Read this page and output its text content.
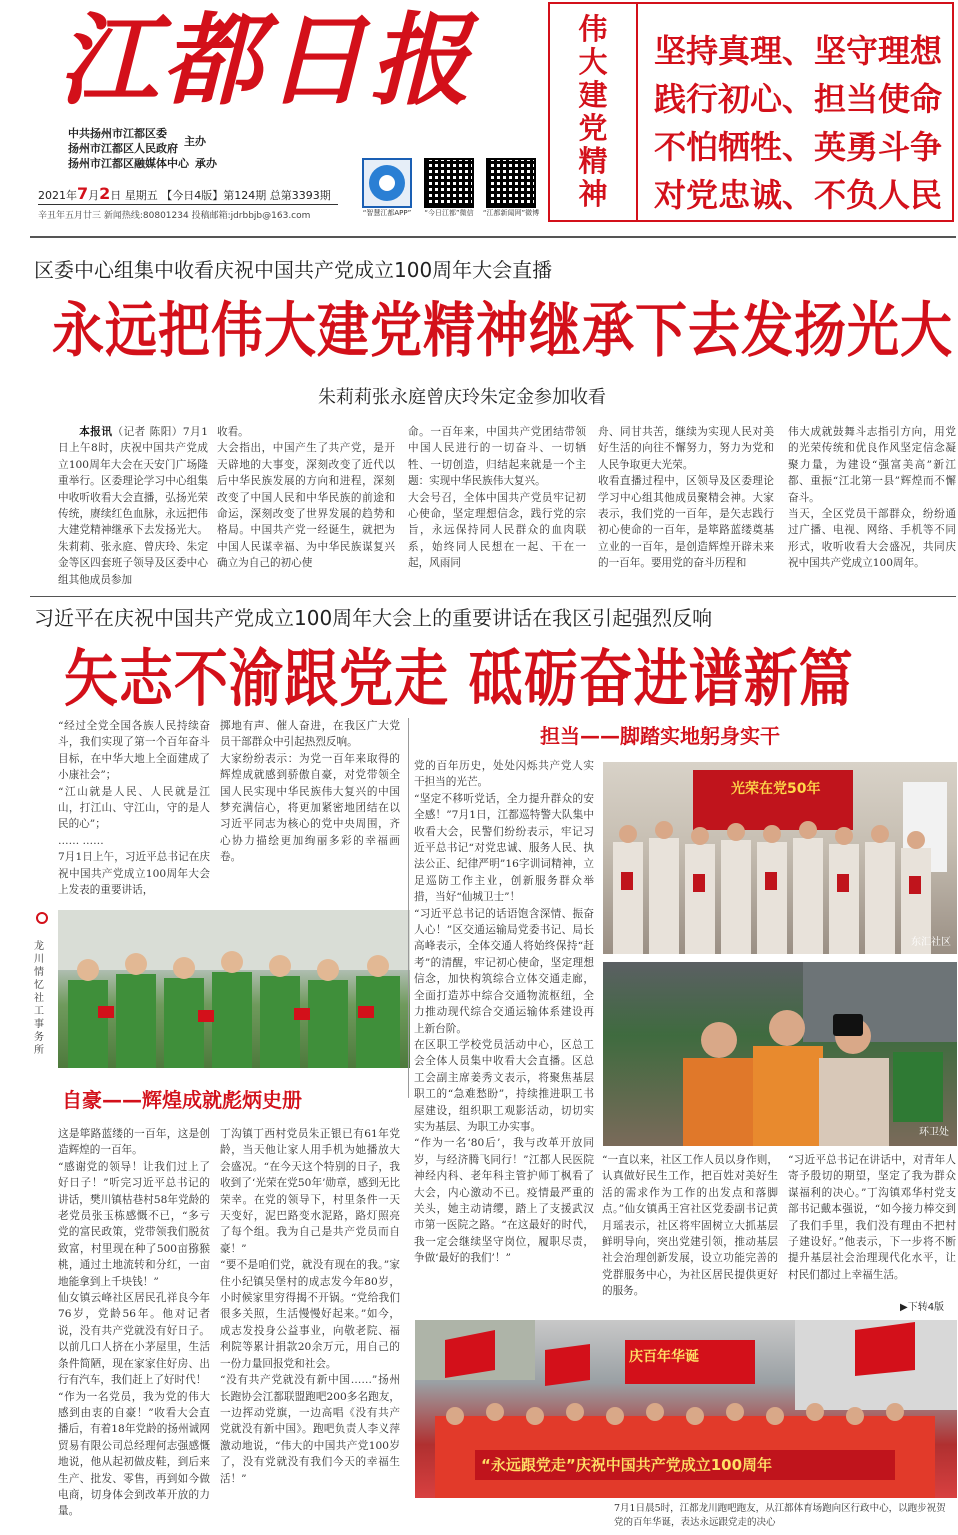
江都日报
中共扬州市江都区委
扬州市江都区人民政府
主办
扬州市江都区融媒体中心 承办
2021年7月2日 星期五 【今日4版】第124期 总第3393期
辛丑年五月廿三 新闻热线:80801234 投稿邮箱:jdrbbjb@163.com	“智慧江都APP”	“今日江都”微信	“江都新闻网”微博
伟
大
建
党
精
神
坚持真理、坚守理想
践行初心、担当使命
不怕牺牲、英勇斗争
对党忠诚、不负人民
区委中心组集中收看庆祝中国共产党成立100周年大会直播
永远把伟大建党精神继承下去发扬光大
朱莉莉张永庭曾庆玲朱定金参加收看

本报讯（记者 陈阳）7月1日上午8时，庆祝中国共产党成立100周年大会在天安门广场隆重举行。区委理论学习中心组集中收听收看大会直播，弘扬光荣传统，赓续红色血脉，永远把伟大建党精神继承下去发扬光大。朱莉莉、张永庭、曾庆玲、朱定金等区四套班子领导及区委中心组其他成员参加

收看。
大会指出，中国产生了共产党，是开天辟地的大事变，深刻改变了近代以后中华民族发展的方向和进程，深刻改变了中国人民和中华民族的前途和命运，深刻改变了世界发展的趋势和格局。中国共产党一经诞生，就把为中国人民谋幸福、为中华民族谋复兴确立为自己的初心使
命。一百年来，中国共产党团结带领中国人民进行的一切奋斗、一切牺牲、一切创造，归结起来就是一个主题：实现中华民族伟大复兴。
大会号召，全体中国共产党员牢记初心使命，坚定理想信念，践行党的宗旨，永远保持同人民群众的血肉联系，始终同人民想在一起、干在一起，风雨同
舟、同甘共苦，继续为实现人民对美好生活的向往不懈努力，努力为党和人民争取更大光荣。
收看直播过程中，区领导及区委理论学习中心组其他成员聚精会神。大家表示，我们党的一百年，是矢志践行初心使命的一百年，是筚路蓝缕奠基立业的一百年，是创造辉煌开辟未来的一百年。要用党的奋斗历程和
伟大成就鼓舞斗志指引方向，用党的光荣传统和优良作风坚定信念凝聚力量，为建设“强富美高”新江都、重振“江北第一县”辉煌而不懈奋斗。
当天，全区党员干部群众，纷纷通过广播、电视、网络、手机等不同形式，收听收看大会盛况，共同庆祝中国共产党成立100周年。
习近平在庆祝中国共产党成立100周年大会上的重要讲话在我区引起强烈反响
矢志不渝跟党走 砥砺奋进谱新篇
“经过全党全国各族人民持续奋斗，我们实现了第一个百年奋斗目标，在中华大地上全面建成了小康社会”；
“江山就是人民、人民就是江山，打江山、守江山，守的是人民的心”；
…… ……
7月1日上午，习近平总书记在庆祝中国共产党成立100周年大会上发表的重要讲话，
掷地有声、催人奋进，在我区广大党员干部群众中引起热烈反响。
大家纷纷表示：为党一百年来取得的辉煌成就感到骄傲自豪，对党带领全国人民实现中华民族伟大复兴的中国梦充满信心，将更加紧密地团结在以习近平同志为核心的党中央周围，齐心协力描绘更加绚丽多彩的幸福画卷。
龙川情忆社工事务所
自豪——辉煌成就彪炳史册
这是筚路蓝缕的一百年，这是创造辉煌的一百年。
“感谢党的领导！让我们过上了好日子！”听完习近平总书记的讲话，樊川镇枯巷村58年党龄的老党员张玉栋感慨不已，“多亏党的富民政策，党带领我们脱贫致富，村里现在种了500亩猕猴桃，通过土地流转和分红，一亩地能拿到上千块钱！”
仙女镇云峰社区居民孔祥良今年76岁，党龄56年。他对记者说，没有共产党就没有好日子。以前几口人挤在小茅屋里，生活条件简陋，现在家家住好房、出行有汽车，我们赶上了好时代！
“作为一名党员，我为党的伟大感到由衷的自豪！”收看大会直播后，有着18年党龄的扬州诚网贸易有限公司总经理何志强感慨地说，他从起初做皮鞋，到后来生产、批发、零售，再到如今做电商，切身体会到改革开放的力量。
丁沟镇丁西村党员朱正银已有61年党龄，当天他让家人用手机为她播放大会盛况。“在今天这个特别的日子，我收到了‘光荣在党50年’勋章，感到无比荣幸。在党的领导下，村里条件一天天变好，泥巴路变水泥路，路灯照亮了每个组。我为自己是共产党员而自豪！”
“要不是咱们党，就没有现在的我。”家住小纪镇吴堡村的成志发今年80岁，小时候家里穷得揭不开锅。“党给我们很多关照，生活慢慢好起来。”如今，成志发投身公益事业，向敬老院、福利院等累计捐款20余万元，用自己的一份力量回报党和社会。
“没有共产党就没有新中国……”扬州长跑协会江都联盟跑吧200多名跑友，一边挥动党旗，一边高唱《没有共产党就没有新中国》。跑吧负责人李义萍激动地说，“伟大的中国共产党100岁了，没有党就没有我们今天的幸福生活！”
担当——脚踏实地躬身实干
党的百年历史，处处闪烁共产党人实干担当的光芒。
“坚定不移听党话，全力提升群众的安全感！”7月1日，江都巡特警大队集中收看大会，民警们纷纷表示，牢记习近平总书记“对党忠诚、服务人民、执法公正、纪律严明”16字训词精神，立足巡防工作主业，创新服务群众举措，当好“仙城卫士”！
“习近平总书记的话语饱含深情、振奋人心！”区交通运输局党委书记、局长高峰表示，全体交通人将始终保持“赶考”的清醒，牢记初心使命，坚定理想信念，加快构筑综合立体交通走廊，全面打造苏中综合交通物流枢纽，全力推动现代综合交通运输体系建设再上新台阶。
在区职工学校党员活动中心，区总工会全体人员集中收看大会直播。区总工会副主席姜秀文表示，将聚焦基层职工的“急难愁盼”，持续推进职工书屋建设，组织职工观影活动，切切实实为基层、为职工办实事。
“作为一名‘80后’，我与改革开放同岁，与经济腾飞同行！”江都人民医院神经内科、老年科主管护师丁枫看了大会，内心激动不已。疫情最严重的关头，她主动请缨，踏上了支援武汉市第一医院之路。“在这最好的时代，我一定会继续坚守岗位，履职尽责，争做‘最好的我们’！”
光荣在党50年
东汇社区
环卫处
“一直以来，社区工作人员以身作则，认真做好民生工作，把百姓对美好生活的需求作为工作的出发点和落脚点。”仙女镇禹王宫社区党委副书记黄月瑶表示，社区将牢固树立大抓基层鲜明导向，突出党建引领，推动基层社会治理创新发展，设立功能完善的党群服务中心，为社区居民提供更好的服务。
“习近平总书记在讲话中，对青年人寄予殷切的期望，坚定了我为群众谋福利的决心。”丁沟镇邓华村党支部书记戴本强说，“如今接力棒交到了我们手里，我们没有理由不把村子建设好。”他表示，下一步将不断提升基层社会治理现代化水平，让村民们都过上幸福生活。
▶下转4版
庆百年华诞
“永远跟党走”庆祝中国共产党成立100周年
7月1日晨5时，江都龙川跑吧跑友，从江都体育场跑向区行政中心，以跑步祝贺党的百年华诞，表达永远跟党走的决心
